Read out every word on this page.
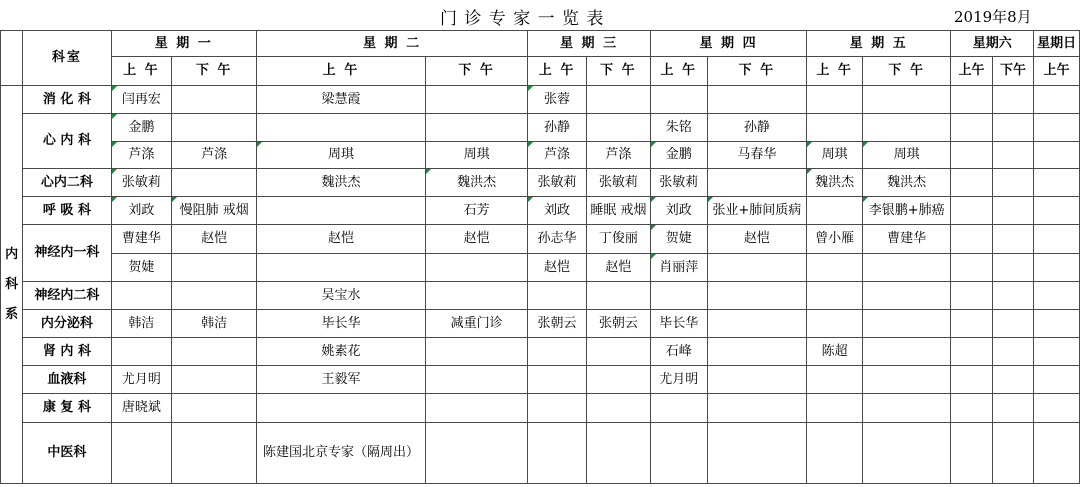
门 诊 专 家 一 览 表	2019年8月
	科室	星 期 一		星 期 二		星 期 三		星 期 四		星 期 五		星期六		星期日
		上 午	下 午	上 午	下 午	上 午	下 午	上 午	下 午	上 午	下 午	上午	下午	上午
内

科

系	消 化 科	闫再宏		梁慧霞		张蓉								
	心 内 科	金鹏				孙静		朱铭	孙静					
		芦涤	芦涤	周琪	周琪	芦涤	芦涤	金鹏	马春华	周琪	周琪			
	心内二科	张敏莉		魏洪杰	魏洪杰	张敏莉	张敏莉	张敏莉		魏洪杰	魏洪杰			
	呼 吸 科	刘政	慢阻肺 戒烟		石芳	刘政	睡眠 戒烟	刘政	张业+肺间质病		李银鹏+肺癌			
	神经内一科	曹建华	赵恺	赵恺	赵恺	孙志华	丁俊丽	贺婕	赵恺	曾小雁	曹建华			
		贺婕				赵恺	赵恺	肖丽萍						
	神经内二科			吴宝水										
	内分泌科	韩洁	韩洁	毕长华	减重门诊	张朝云	张朝云	毕长华						
	肾 内 科			姚素花				石峰		陈超				
	血液科	尤月明		王毅军				尤月明						
	康 复 科	唐晓斌												
	中医科			陈建国北京专家（隔周出）										
